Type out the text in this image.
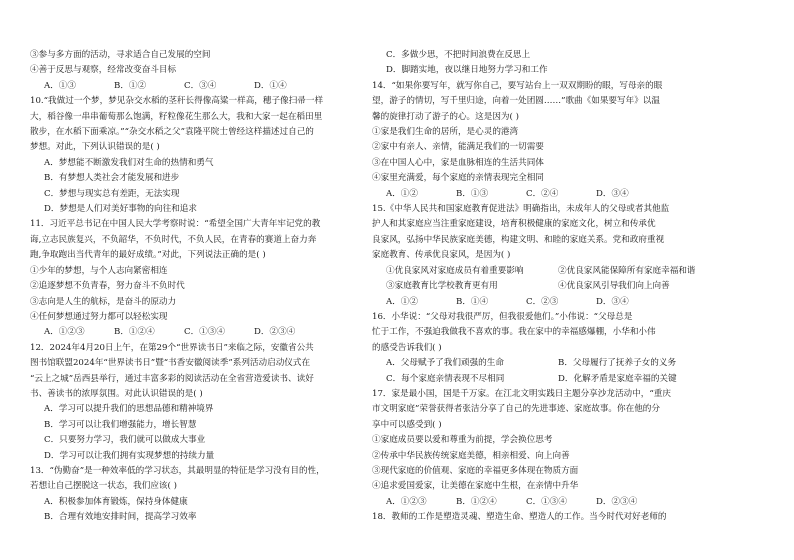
③参与多方面的活动，寻求适合自己发展的空间
④善于反思与观察，经常改变奋斗目标
A．①③	B．①②	C．③④	D．①④
10.“我做过一个梦，梦见杂交水稻的茎秆长得像高粱一样高，穗子像扫帚一样
大，稻谷像一串串葡萄那么饱满，籽粒像花生那么大，我和大家一起在稻田里
散步，在水稻下面乘凉。”“杂交水稻之父”袁隆平院士曾经这样描述过自己的
梦想。对此，下列认识错误的是( )
A．梦想能不断激发我们对生命的热情和勇气
B．有梦想人类社会才能发展和进步
C．梦想与现实总有差距，无法实现
D．梦想是人们对美好事物的向往和追求
11．习近平总书记在中国人民大学考察时说：“希望全国广大青年牢记党的教
诲,立志民族复兴，不负韶华，不负时代，不负人民，在青春的赛道上奋力奔
跑,争取跑出当代青年的最好成绩。”对此，下列说法正确的是( )
①少年的梦想，与个人志向紧密相连
②追逐梦想不负青春，努力奋斗不负时代
③志向是人生的航标，是奋斗的原动力
④任何梦想通过努力都可以轻松实现
A．①②③	B．①②④	C．①③④	D．②③④
12．2024年4月20日上午，在第29个“世界读书日”来临之际，安徽省公共
图书馆联盟2024年“世界读书日”暨“书香安徽阅读季”系列活动启动仪式在
“云上之城”岳西县举行，通过丰富多彩的阅读活动在全省营造爱读书、读好
书、善读书的浓厚氛围。对此认识错误的是( )
A．学习可以提升我们的思想品德和精神境界
B．学习可以让我们增强能力，增长智慧
C．只要努力学习，我们就可以做成大事业
D．学习可以让我们拥有实现梦想的持续力量
13．“伪勤奋”是一种效率低的学习状态，其最明显的特征是学习没有目的性，
若想让自己摆脱这一状态，我们应该( )
A．积极参加体育锻炼，保持身体健康
B．合理有效地安排时间，提高学习效率
C．多做少思，不把时间浪费在反思上
D．脚踏实地，夜以继日地努力学习和工作
14．“如果你要写年，就写你自己，要写站台上一双双期盼的眼，写母亲的眼
望，游子的情切，写千里归途，向着一处团圆……”歌曲《如果要写年》以温
馨的旋律打动了游子的心。这是因为( )
①家是我们生命的居所，是心灵的港湾
②家中有亲人、亲情，能满足我们的一切需要
③在中国人心中，家是血脉相连的生活共同体
④家里充满爱，每个家庭的亲情表现完全相同
A．①②	B．①③	C．②④	D．③④
15.《中华人民共和国家庭教育促进法》明确指出，未成年人的父母或者其他监
护人和其家庭应当注重家庭建设，培育积极健康的家庭文化，树立和传承优
良家风，弘扬中华民族家庭美德，构建文明、和睦的家庭关系。党和政府重视
家庭教育、传承优良家风，是因为( )
①优良家风对家庭成员有着重要影响	②优良家风能保障所有家庭幸福和谐
③家庭教育比学校教育更有用	④优良家风引导我们向上向善
A．①②	B．①④	C．②③	D．③④
16．小华说：“父母对我很严厉，但我很爱他们。”小伟说：“父母总是
忙于工作，不强迫我做我不喜欢的事。我在家中的幸福感爆棚，小华和小伟
的感受告诉我们( )
A．父母赋予了我们顽强的生命	B．父母履行了抚养子女的义务
C．每个家庭亲情表现不尽相同	D．化解矛盾是家庭幸福的关键
17．家是最小国，国是千万家。在江北文明实践日主题分享沙龙活动中，“重庆
市文明家庭”荣誉获得者张洁分享了自己的先进事迹、家庭故事。你在他的分
享中可以感受到( )
①家庭成员要以爱和尊重为前提，学会换位思考
②传承中华民族传统家庭美德，相亲相爱、向上向善
③现代家庭的价值观、家庭的幸福更多体现在物质方面
④追求爱国爱家，让美德在家庭中生根，在亲情中升华
A．①②③	B．①②④	C．①③④	D．②③④
18．教师的工作是塑造灵魂、塑造生命、塑造人的工作。当今时代对好老师的
